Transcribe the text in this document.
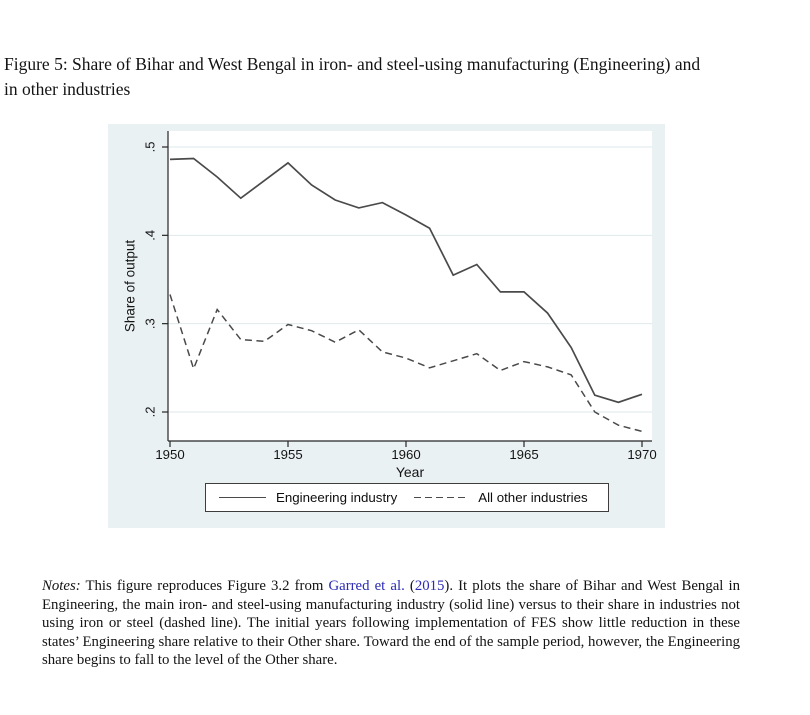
Figure 5: Share of Bihar and West Bengal in iron- and steel-using manufacturing (Engineering) and
in other industries
.2
.3
.4
.5
1950	1955	1960	1965	1970
Share of output
Year
Engineering industry	All other industries
Notes: This figure reproduces Figure 3.2 from Garred et al. (2015). It plots the share of Bihar and West Bengal in Engineering, the main iron- and steel-using manufacturing industry (solid line) versus to their share in industries not using iron or steel (dashed line). The initial years following implementation of FES show little reduction in these states’ Engineering share relative to their Other share. Toward the end of the sample period, however, the Engineering share begins to fall to the level of the Other share.
